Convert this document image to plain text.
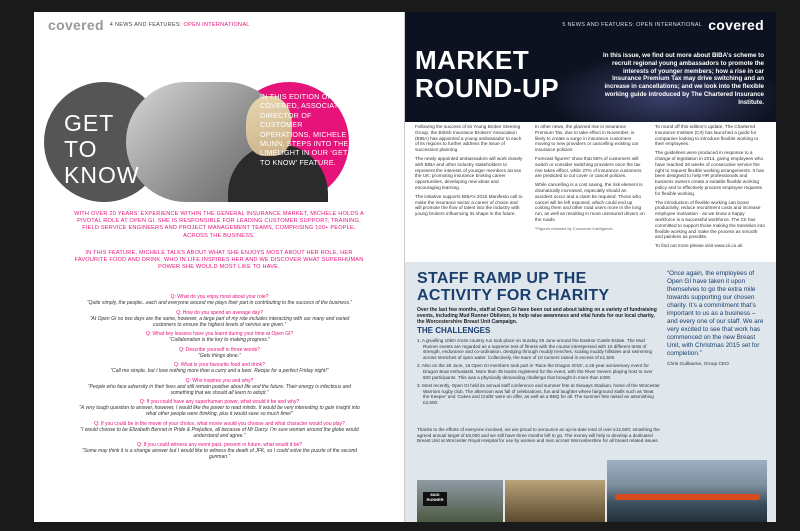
covered 4 NEWS AND FEATURES: OPEN INTERNATIONAL
GET TO
KNOW
IN THIS EDITION OF COVERED, ASSOCIATE DIRECTOR OF CUSTOMER OPERATIONS, MICHELE MUNN, STEPS INTO THE LIMELIGHT IN OUR ‘GET TO KNOW’ FEATURE.
WITH OVER 20 YEARS’ EXPERIENCE WITHIN THE GENERAL INSURANCE MARKET, MICHELE HOLDS A PIVOTAL ROLE AT OPEN GI. SHE IS RESPONSIBLE FOR LEADING CUSTOMER SUPPORT, TRAINING, FIELD SERVICE ENGINEERS AND PROJECT MANAGEMENT TEAMS, COMPRISING 100+ PEOPLE, ACROSS THE BUSINESS.
IN THIS FEATURE, MICHELE TALKS ABOUT WHAT SHE ENJOYS MOST ABOUT HER ROLE, HER FAVOURITE FOOD AND DRINK, WHO IN LIFE INSPIRES HER AND WE DISCOVER WHAT SUPERHUMAN POWER SHE WOULD MOST LIKE TO HAVE.
Q: What do you enjoy most about your role?
“Quite simply, the people...each and everyone around me plays their part in contributing to the success of the business.”
Q: How do you spend an average day?
“At Open GI no two days are the same, however, a large part of my role includes interacting with our many and varied customers to ensure the highest levels of service are given.”
Q: What key lessons have you learnt during your time at Open GI?
“Collaboration is the key to making progress.”
Q: Describe yourself in three words?
“Gets things done.”
Q: What is your favourite food and drink?
“Call me simple, but I love nothing more than a curry and a beer. Recipe for a perfect Friday night!”
Q: Who inspires you and why?
“People who face adversity in their lives and still remain positive about life and the future. Their energy is infectious and something that we should all learn to adopt.”
Q: If you could have any superhuman power, what would it be and why?
“A very tough question to answer, however, I would like the power to read minds. It would be very interesting to gain insight into what other people were thinking, plus it would save so much time!”
Q: If you could be in the movie of your choice, what movie would you choose and what character would you play?
“I would choose to be Elizabeth Bennet in Pride & Prejudice, all because of Mr Darcy. I’m sure women around the globe would understand and agree.”
Q: If you could witness any event past, present or future, what would it be?
“Some may think it is a strange answer but I would like to witness the death of JFK, so I could solve the puzzle of the second gunman.”
5 NEWS AND FEATURES: OPEN INTERNATIONAL covered
MARKET
ROUND-UP
In this issue, we find out more about BIBA’s scheme to recruit regional young ambassadors to promote the interests of younger members; how a rise in car Insurance Premium Tax may drive switching and an increase in cancellations; and we look into the flexible working guide introduced by The Chartered Insurance Institute.

Following the success of its Young Broker Steering Group, the British Insurance Brokers’ Association (BIBA) has appointed a young ambassador to each of its regions to further address the issue of succession planning.

The newly appointed ambassadors will work closely with BIBA and other industry stakeholders to represent the interests of younger members across the UK; promoting insurance broking career opportunities, developing new ideas and encouraging learning.

The initiative supports BIBA’s 2015 Manifesto call to make the insurance sector a career of choice and will promote the flow of talent into the industry with young brokers influencing its shape in the future.

In other news, the planned rise in Insurance Premium Tax, due to take effect in November, is likely to create a surge in insurance customers moving to new providers or cancelling existing car insurance policies.

Forecast figures* show that 56% of customers will switch or consider switching providers once the tax rise takes effect, while 27% of insurance customers are predicted to cut cover or cancel policies.

While cancelling is a cost saving, the risk element is dramatically increased, especially should an accident occur and a claim be required. Those who cancel will be left exposed, which could end up costing them and other road users more in the long run, as well as resulting in more uninsured drivers on the roads.

*Figures released by Consumer Intelligence.

To round off this edition’s update, The Chartered Insurance Institute (CII) has launched a guide for companies looking to introduce flexible working to their employees.

The guidelines were produced in response to a change of legislation in 2014, giving employees who have reached 26 weeks of consecutive service the right to request flexible working arrangements. It has been designed to help HR professionals and business owners create a suitable flexible working policy and to effectively process employee requests for flexible working.

The introduction of flexible working can boost productivity, reduce recruitment costs and increase employee motivation - as we know a happy workforce is a successful workforce. The CII has committed to support those making the transition into flexible working and make the process as smooth and painless as possible.

To find out more please visit www.cii.co.uk

STAFF RAMP UP THE ACTIVITY FOR CHARITY
Over the last few months, staff at Open GI have been out and about taking on a variety of fundraising events, including Mud Runner Oblivion, to help raise awareness and vital funds for our local charity, the Worcestershire Breast Unit Campaign.
THE CHALLENGES
1. A gruelling 10km cross country run took place on Sunday 28 June around the Eastnor Castle Estate. The Mud Runner events are regarded as a supreme test of fitness with the course interspersed with 10 different tests of strength, endurance and co-ordination, dredging through muddy trenches, scaling muddy hillsides and swimming across stretches of open water. Collectively, the team of 10 runners raised in excess of £1,500.
2. Also on the 28 June, 16 Open GI members took part in ‘Race the Dragon 2015’, a 25-year anniversary event for Dragon Boat enthusiasts. More than 35 teams registered for the event, with the River Severn playing host to over 600 participants. This was a physically demanding challenge that brought in more than £300.
3. Most recently, Open GI held its annual staff conference and summer fete at Sixways Stadium, home of the Worcester Warriors rugby club. The afternoon was full of celebrations, fun and laughter where fairground stalls such as ‘Beat the Keeper’ and ‘Cakes and Crafts’ were on offer, as well as a BBQ for all. The summer fete raised an astonishing £2,500.
Thanks to the efforts of everyone involved, we are proud to announce an up-to-date total of over £12,500; smashing the agreed annual target of £8,000 and we still have three months left to go. The money will help to develop a dedicated Breast Unit at Worcester Royal Hospital for use by women and men across Worcestershire for all breast related issues.
“Once again, the employees of Open GI have taken it upon themselves to go the extra mile towards supporting our chosen charity. It’s a commitment that’s important to us as a business – and every one of our staff. We are very excited to see that work has commenced on the new Breast Unit, with Christmas 2015 set for completion.”
Chris Guillaume, Group CEO
MUD RUNNER
